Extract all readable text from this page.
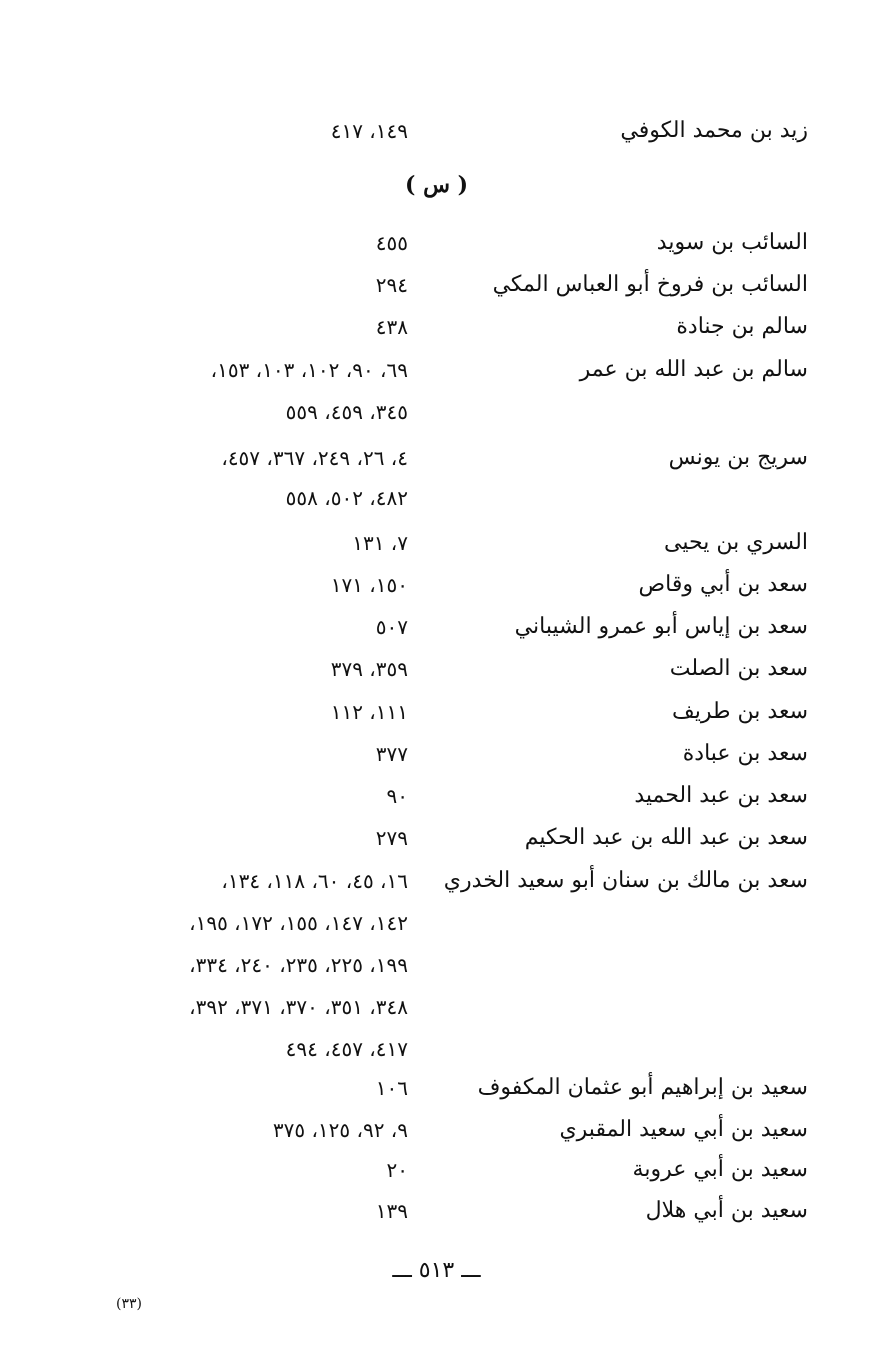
زيد بن محمد الكوفي
١٤٩، ٤١٧
( س )
السائب بن سويد
٤٥٥
السائب بن فروخ أبو العباس المكي
٢٩٤
سالم بن جنادة
٤٣٨
سالم بن عبد الله بن عمر
٦٩، ٩٠، ١٠٢، ١٠٣، ١٥٣،
٣٤٥، ٤٥٩، ٥٥٩
سريج بن يونس
٤، ٢٦، ٢٤٩، ٣٦٧، ٤٥٧،
٤٨٢، ٥٠٢، ٥٥٨
السري بن يحيى
٧، ١٣١
سعد بن أبي وقاص
١٥٠، ١٧١
سعد بن إياس أبو عمرو الشيباني
٥٠٧
سعد بن الصلت
٣٥٩، ٣٧٩
سعد بن طريف
١١١، ١١٢
سعد بن عبادة
٣٧٧
سعد بن عبد الحميد
٩٠
سعد بن عبد الله بن عبد الحكيم
٢٧٩
سعد بن مالك بن سنان أبو سعيد الخدري
١٦، ٤٥، ٦٠، ١١٨، ١٣٤،
١٤٢، ١٤٧، ١٥٥، ١٧٢، ١٩٥،
١٩٩، ٢٢٥، ٢٣٥، ٢٤٠، ٣٣٤،
٣٤٨، ٣٥١، ٣٧٠، ٣٧١، ٣٩٢،
٤١٧، ٤٥٧، ٤٩٤
سعيد بن إبراهيم أبو عثمان المكفوف
١٠٦
سعيد بن أبي سعيد المقبري
٩، ٩٢، ١٢٥، ٣٧٥
سعيد بن أبي عروبة
٢٠
سعيد بن أبي هلال
١٣٩
ـــ ٥١٣ ـــ
(٣٣)
